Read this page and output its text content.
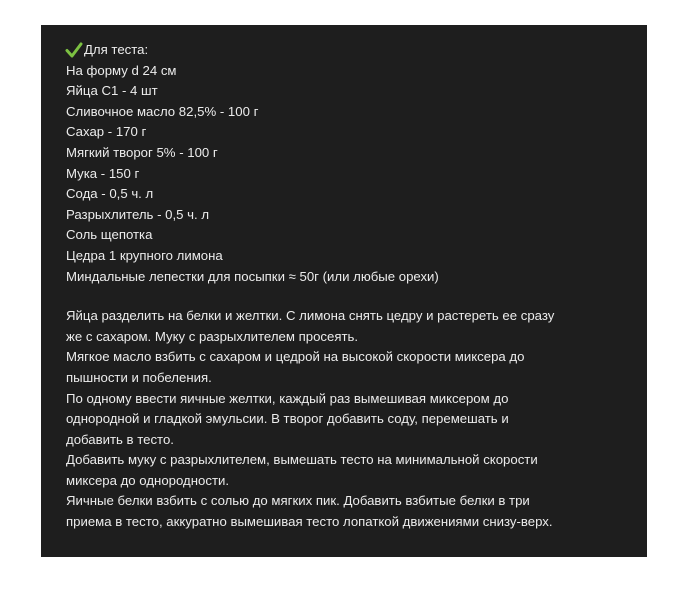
Для теста:
На форму d 24 см
Яйца С1 - 4 шт
Сливочное масло 82,5% - 100 г
Сахар - 170 г
Мягкий творог 5% - 100 г
Мука - 150 г
Сода - 0,5 ч. л
Разрыхлитель - 0,5 ч. л
Соль щепотка
Цедра 1 крупного лимона
Миндальные лепестки для посыпки ≈ 50г (или любые орехи)
Яйца разделить на белки и желтки. С лимона снять цедру и растереть ее сразу
же с сахаром. Муку с разрыхлителем просеять.
Мягкое масло взбить с сахаром и цедрой на высокой скорости миксера до
пышности и побеления.
По одному ввести яичные желтки, каждый раз вымешивая миксером до
однородной и гладкой эмульсии. В творог добавить соду, перемешать и
добавить в тесто.
Добавить муку с разрыхлителем, вымешать тесто на минимальной скорости
миксера до однородности.
Яичные белки взбить с солью до мягких пик. Добавить взбитые белки в три
приема в тесто, аккуратно вымешивая тесто лопаткой движениями снизу-верх.
